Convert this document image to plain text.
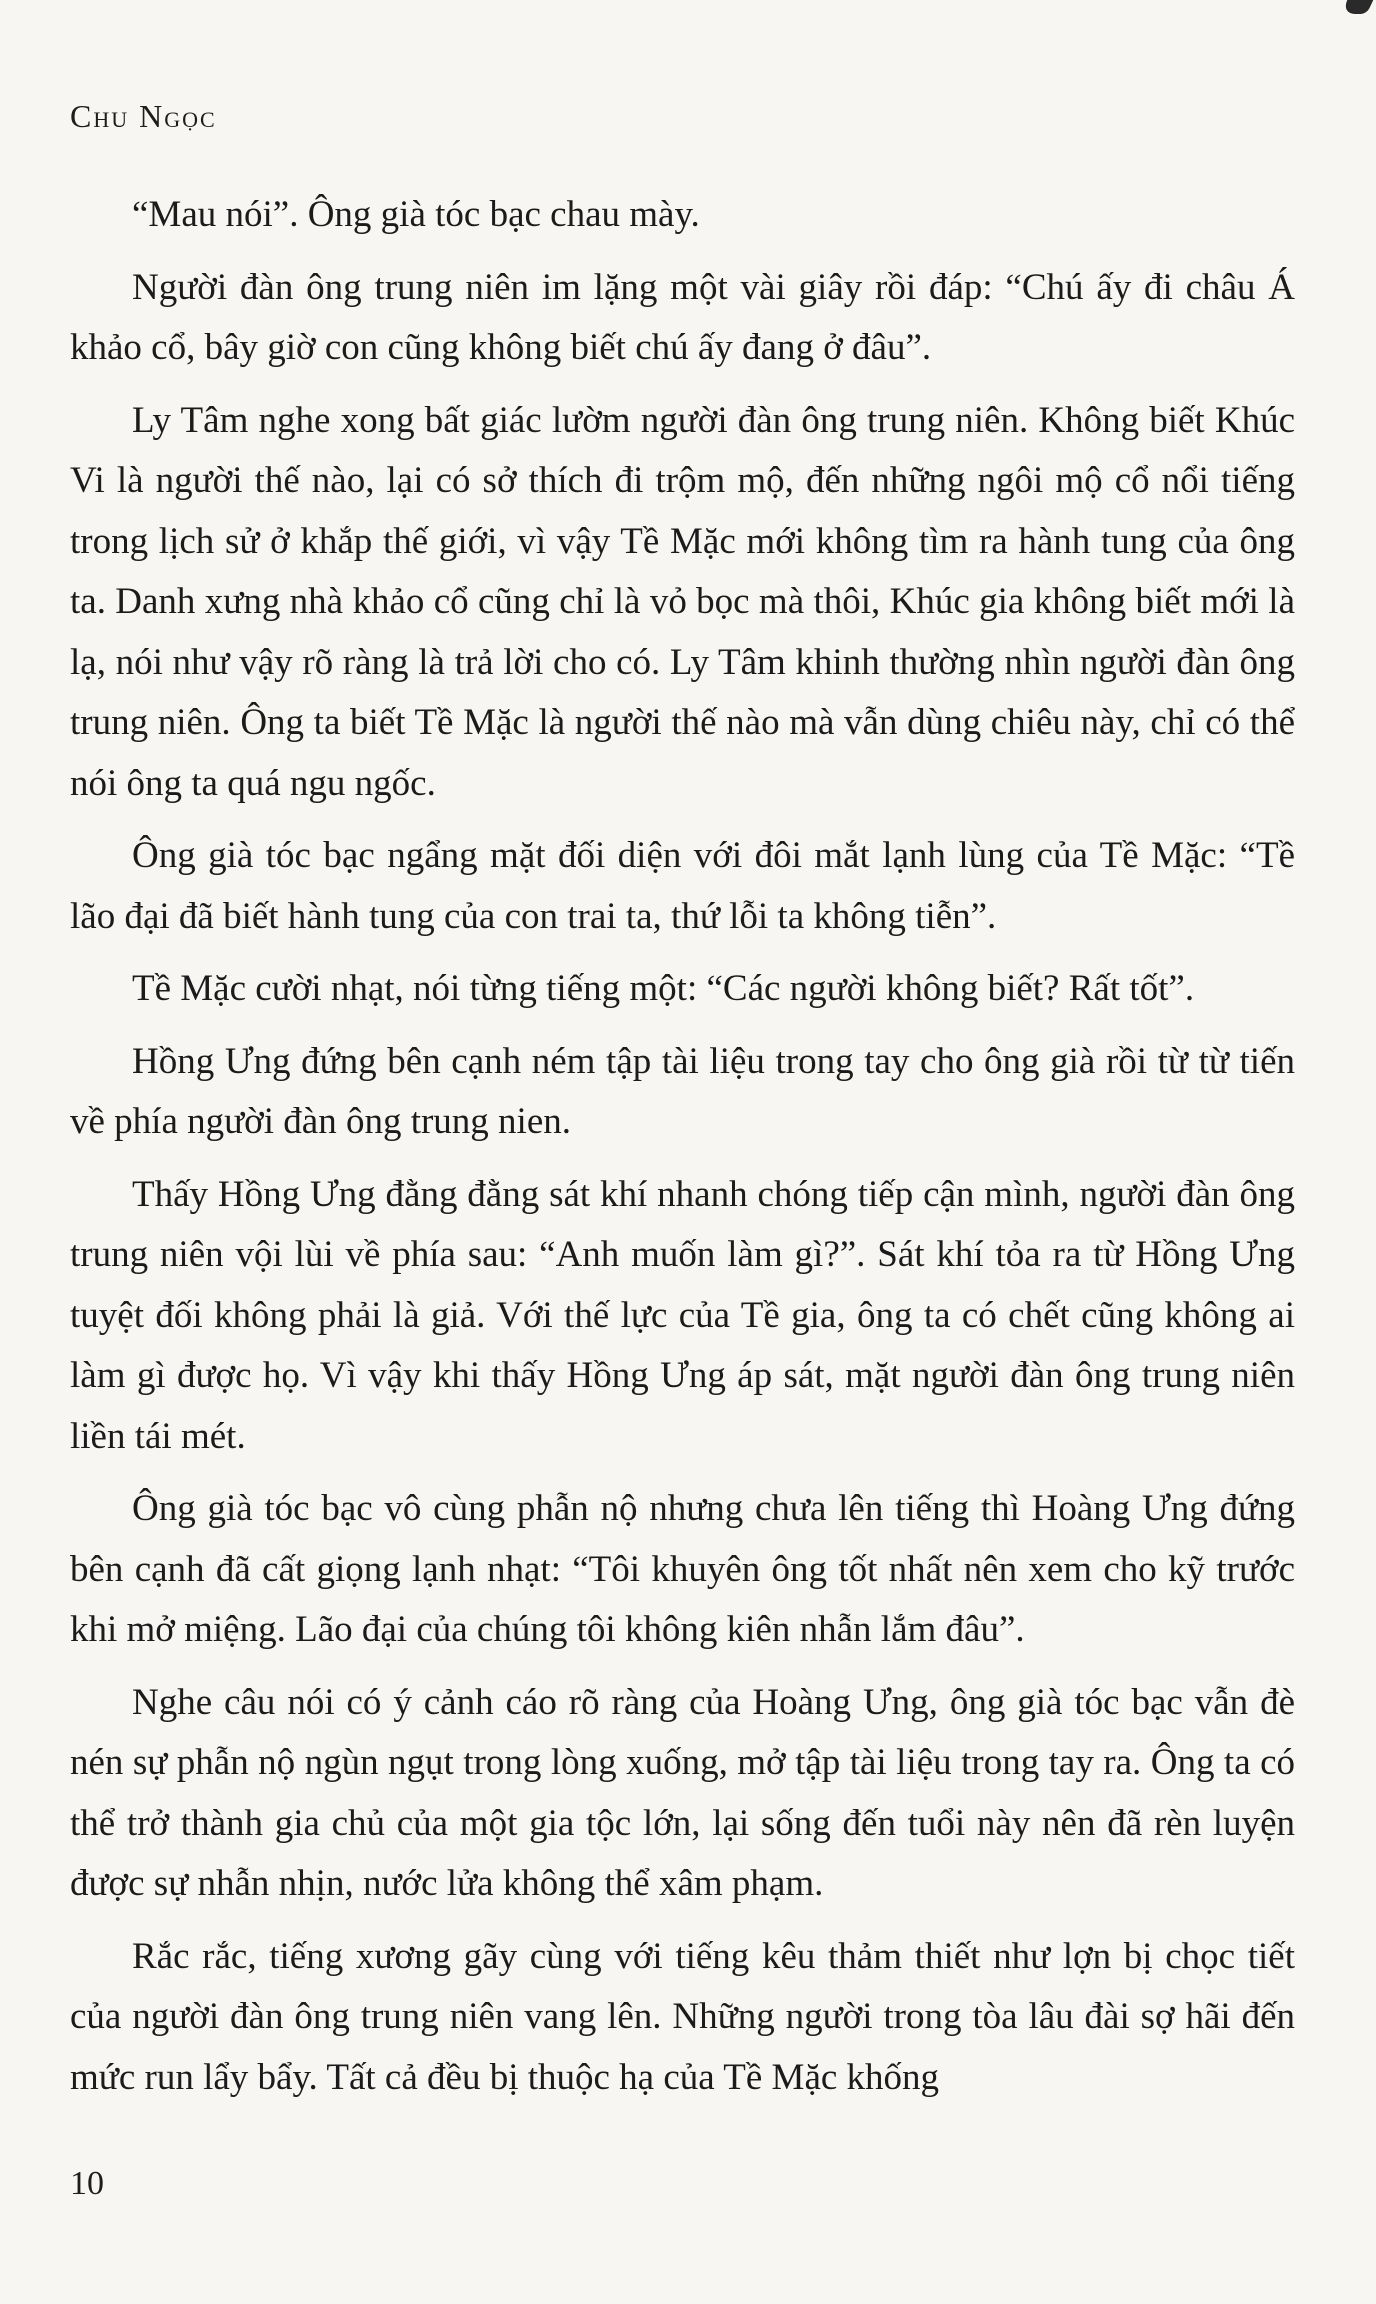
Chu Ngọc

“Mau nói”. Ông già tóc bạc chau mày.

Người đàn ông trung niên im lặng một vài giây rồi đáp: “Chú ấy đi châu Á khảo cổ, bây giờ con cũng không biết chú ấy đang ở đâu”.

Ly Tâm nghe xong bất giác lườm người đàn ông trung niên. Không biết Khúc Vi là người thế nào, lại có sở thích đi trộm mộ, đến những ngôi mộ cổ nổi tiếng trong lịch sử ở khắp thế giới, vì vậy Tề Mặc mới không tìm ra hành tung của ông ta. Danh xưng nhà khảo cổ cũng chỉ là vỏ bọc mà thôi, Khúc gia không biết mới là lạ, nói như vậy rõ ràng là trả lời cho có. Ly Tâm khinh thường nhìn người đàn ông trung niên. Ông ta biết Tề Mặc là người thế nào mà vẫn dùng chiêu này, chỉ có thể nói ông ta quá ngu ngốc.

Ông già tóc bạc ngẩng mặt đối diện với đôi mắt lạnh lùng của Tề Mặc: “Tề lão đại đã biết hành tung của con trai ta, thứ lỗi ta không tiễn”.

Tề Mặc cười nhạt, nói từng tiếng một: “Các người không biết? Rất tốt”.

Hồng Ưng đứng bên cạnh ném tập tài liệu trong tay cho ông già rồi từ từ tiến về phía người đàn ông trung nien.

Thấy Hồng Ưng đằng đằng sát khí nhanh chóng tiếp cận mình, người đàn ông trung niên vội lùi về phía sau: “Anh muốn làm gì?”. Sát khí tỏa ra từ Hồng Ưng tuyệt đối không phải là giả. Với thế lực của Tề gia, ông ta có chết cũng không ai làm gì được họ. Vì vậy khi thấy Hồng Ưng áp sát, mặt người đàn ông trung niên liền tái mét.

Ông già tóc bạc vô cùng phẫn nộ nhưng chưa lên tiếng thì Hoàng Ưng đứng bên cạnh đã cất giọng lạnh nhạt: “Tôi khuyên ông tốt nhất nên xem cho kỹ trước khi mở miệng. Lão đại của chúng tôi không kiên nhẫn lắm đâu”.

Nghe câu nói có ý cảnh cáo rõ ràng của Hoàng Ưng, ông già tóc bạc vẫn đè nén sự phẫn nộ ngùn ngụt trong lòng xuống, mở tập tài liệu trong tay ra. Ông ta có thể trở thành gia chủ của một gia tộc lớn, lại sống đến tuổi này nên đã rèn luyện được sự nhẫn nhịn, nước lửa không thể xâm phạm.

Rắc rắc, tiếng xương gãy cùng với tiếng kêu thảm thiết như lợn bị chọc tiết của người đàn ông trung niên vang lên. Những người trong tòa lâu đài sợ hãi đến mức run lẩy bẩy. Tất cả đều bị thuộc hạ của Tề Mặc khống

10
